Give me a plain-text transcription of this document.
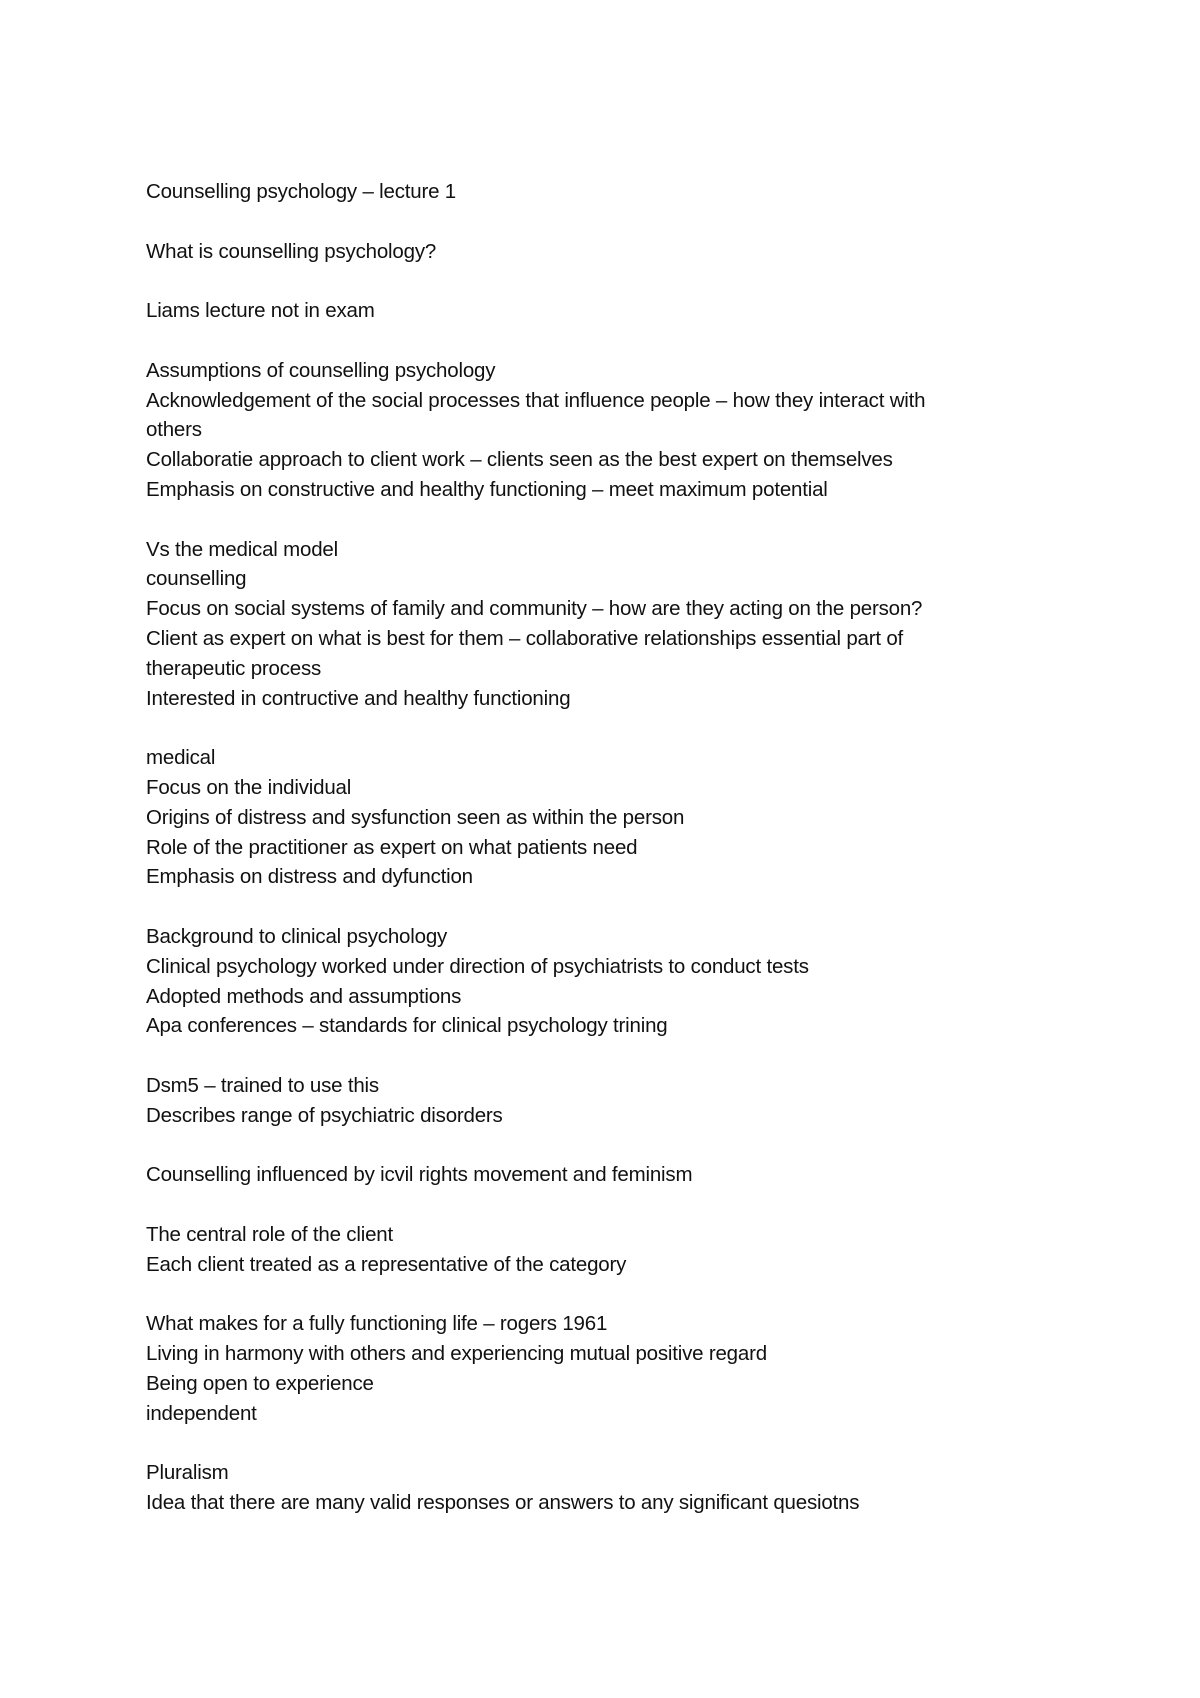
Counselling psychology – lecture 1
What is counselling psychology?
Liams lecture not in exam
Assumptions of counselling psychology
Acknowledgement of the social processes that influence people – how they interact with
others
Collaboratie approach to client work – clients seen as the best expert on themselves
Emphasis on constructive and healthy functioning – meet maximum potential
Vs the medical model
counselling
Focus on social systems of family and community – how are they acting on the person?
Client as expert on what is best for them – collaborative relationships essential part of
therapeutic process
Interested in contructive and healthy functioning
medical
Focus on the individual
Origins of distress and sysfunction seen as within the person
Role of the practitioner as expert on what patients need
Emphasis on distress and dyfunction
Background to clinical psychology
Clinical psychology worked under direction of psychiatrists to conduct tests
Adopted methods and assumptions
Apa conferences – standards for clinical psychology trining
Dsm5 – trained to use this
Describes range of psychiatric disorders
Counselling influenced by icvil rights movement and feminism
The central role of the client
Each client treated as a representative of the category
What makes for a fully functioning life – rogers 1961
Living in harmony with others and experiencing mutual positive regard
Being open to experience
independent
Pluralism
Idea that there are many valid responses or answers to any significant quesiotns
